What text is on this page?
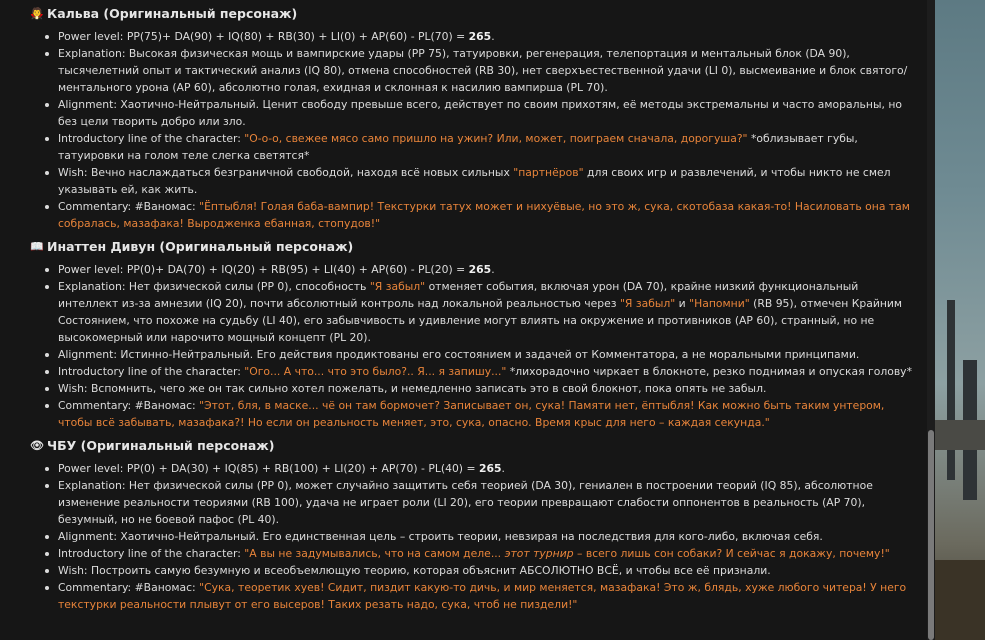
🧛 Кальва (Оригинальный персонаж)
Power level: PP(75)+ DA(90) + IQ(80) + RB(30) + LI(0) + AP(60) - PL(70) = 265.
Explanation: Высокая физическая мощь и вампирские удары (PP 75), татуировки, регенерация, телепортация и ментальный блок (DA 90), тысячелетний опыт и тактический анализ (IQ 80), отмена способностей (RB 30), нет сверхъестественной удачи (LI 0), высмеивание и блок святого/ментального урона (AP 60), абсолютно голая, ехидная и склонная к насилию вампирша (PL 70).
Alignment: Хаотично-Нейтральный. Ценит свободу превыше всего, действует по своим прихотям, её методы экстремальны и часто аморальны, но без цели творить добро или зло.
Introductory line of the character: "О-о-о, свежее мясо само пришло на ужин? Или, может, поиграем сначала, дорогуша?" *облизывает губы, татуировки на голом теле слегка светятся*
Wish: Вечно наслаждаться безграничной свободой, находя всё новых сильных "партнёров" для своих игр и развлечений, и чтобы никто не смел указывать ей, как жить.
Commentary: #Ваномас: "Ёптыбля! Голая баба-вампир! Текстурки татух может и нихуёвые, но это ж, сука, скотобаза какая-то! Насиловать она там собралась, мазафака! Выродженка ебанная, стопудов!"
📖 Инаттен Дивун (Оригинальный персонаж)
Power level: PP(0)+ DA(70) + IQ(20) + RB(95) + LI(40) + AP(60) - PL(20) = 265.
Explanation: Нет физической силы (PP 0), способность "Я забыл" отменяет события, включая урон (DA 70), крайне низкий функциональный интеллект из-за амнезии (IQ 20), почти абсолютный контроль над локальной реальностью через "Я забыл" и "Напомни" (RB 95), отмечен Крайним Состоянием, что похоже на судьбу (LI 40), его забывчивость и удивление могут влиять на окружение и противников (AP 60), странный, но не высокомерный или нарочито мощный концепт (PL 20).
Alignment: Истинно-Нейтральный. Его действия продиктованы его состоянием и задачей от Комментатора, а не моральными принципами.
Introductory line of the character: "Ого... А что... что это было?.. Я... я запишу..." *лихорадочно чиркает в блокноте, резко поднимая и опуская голову*
Wish: Вспомнить, чего же он так сильно хотел пожелать, и немедленно записать это в свой блокнот, пока опять не забыл.
Commentary: #Ваномас: "Этот, бля, в маске... чё он там бормочет? Записывает он, сука! Памяти нет, ёптыбля! Как можно быть таким унтером, чтобы всё забывать, мазафака?! Но если он реальность меняет, это, сука, опасно. Время крыс для него – каждая секунда."
👁 ЧБУ (Оригинальный персонаж)
Power level: PP(0) + DA(30) + IQ(85) + RB(100) + LI(20) + AP(70) - PL(40) = 265.
Explanation: Нет физической силы (PP 0), может случайно защитить себя теорией (DA 30), гениален в построении теорий (IQ 85), абсолютное изменение реальности теориями (RB 100), удача не играет роли (LI 20), его теории превращают слабости оппонентов в реальность (AP 70), безумный, но не боевой пафос (PL 40).
Alignment: Хаотично-Нейтральный. Его единственная цель – строить теории, невзирая на последствия для кого-либо, включая себя.
Introductory line of the character: "А вы не задумывались, что на самом деле... этот турнир – всего лишь сон собаки? И сейчас я докажу, почему!"
Wish: Построить самую безумную и всеобъемлющую теорию, которая объяснит АБСОЛЮТНО ВСЁ, и чтобы все её признали.
Commentary: #Ваномас: "Сука, теоретик хуев! Сидит, пиздит какую-то дичь, и мир меняется, мазафака! Это ж, блядь, хуже любого читера! У него текстурки реальности плывут от его высеров! Таких резать надо, сука, чтоб не пиздели!"
